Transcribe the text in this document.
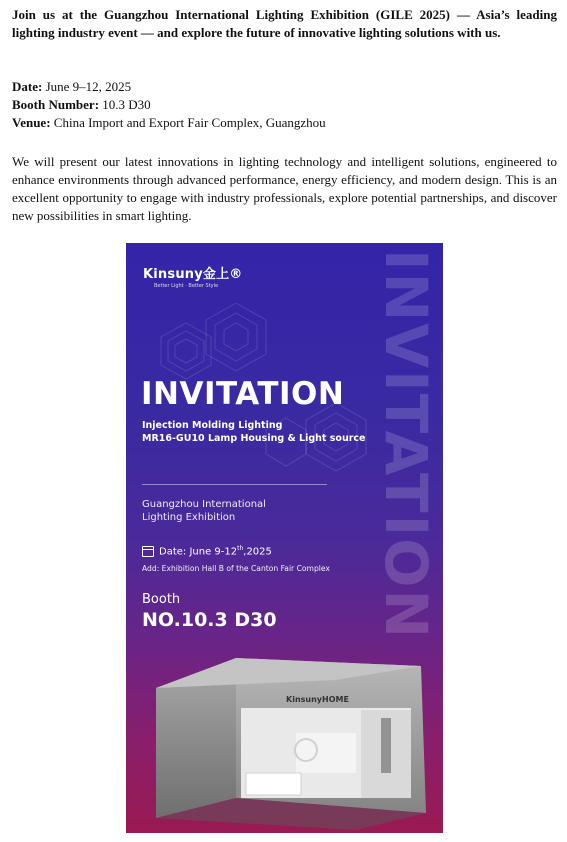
Join us at the Guangzhou International Lighting Exhibition (GILE 2025) — Asia’s leading lighting industry event — and explore the future of innovative lighting solutions with us.
Date: June 9–12, 2025
Booth Number: 10.3 D30
Venue: China Import and Export Fair Complex, Guangzhou
We will present our latest innovations in lighting technology and intelligent solutions, engineered to enhance environments through advanced performance, energy efficiency, and modern design. This is an excellent opportunity to engage with industry professionals, explore potential partnerships, and discover new possibilities in smart lighting.
INVITATION
Kinsuny金上®
Better Light · Better Style
INVITATION
Injection Molding Lighting
MR16-GU10 Lamp Housing & Light source
Guangzhou International
Lighting Exhibition
Date: June 9-12th,2025
Add: Exhibition Hall B of the Canton Fair Complex
Booth
NO.10.3 D30
KinsunyHOME
